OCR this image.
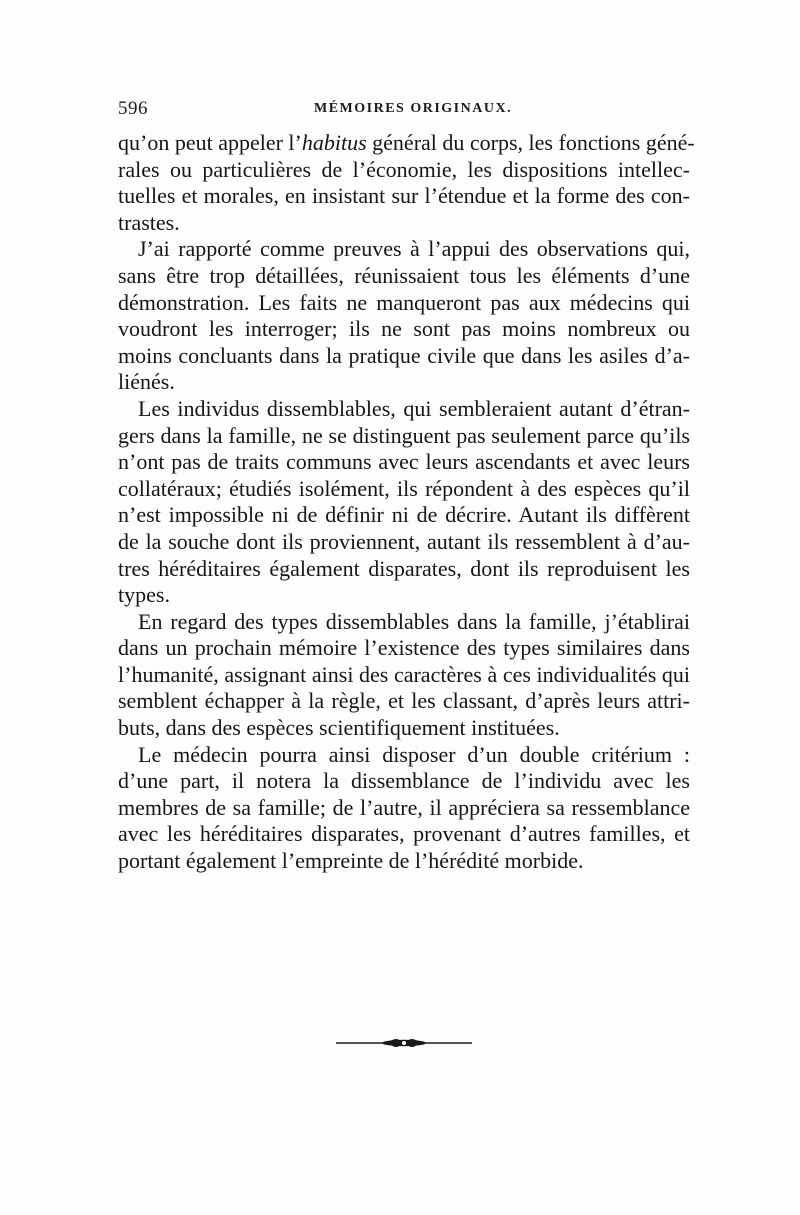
596	MÉMOIRES ORIGINAUX.
qu’on peut appeler l’habitus général du corps, les fonctions géné-
rales ou particulières de l’économie, les dispositions intellec-
tuelles et morales, en insistant sur l’étendue et la forme des con-
trastes.
J’ai rapporté comme preuves à l’appui des observations qui,
sans être trop détaillées, réunissaient tous les éléments d’une
démonstration. Les faits ne manqueront pas aux médecins qui
voudront les interroger; ils ne sont pas moins nombreux ou
moins concluants dans la pratique civile que dans les asiles d’a-
liénés.
Les individus dissemblables, qui sembleraient autant d’étran-
gers dans la famille, ne se distinguent pas seulement parce qu’ils
n’ont pas de traits communs avec leurs ascendants et avec leurs
collatéraux; étudiés isolément, ils répondent à des espèces qu’il
n’est impossible ni de définir ni de décrire. Autant ils diffèrent
de la souche dont ils proviennent, autant ils ressemblent à d’au-
tres héréditaires également disparates, dont ils reproduisent les
types.
En regard des types dissemblables dans la famille, j’établirai
dans un prochain mémoire l’existence des types similaires dans
l’humanité, assignant ainsi des caractères à ces individualités qui
semblent échapper à la règle, et les classant, d’après leurs attri-
buts, dans des espèces scientifiquement instituées.
Le médecin pourra ainsi disposer d’un double critérium :
d’une part, il notera la dissemblance de l’individu avec les
membres de sa famille; de l’autre, il appréciera sa ressemblance
avec les héréditaires disparates, provenant d’autres familles, et
portant également l’empreinte de l’hérédité morbide.
